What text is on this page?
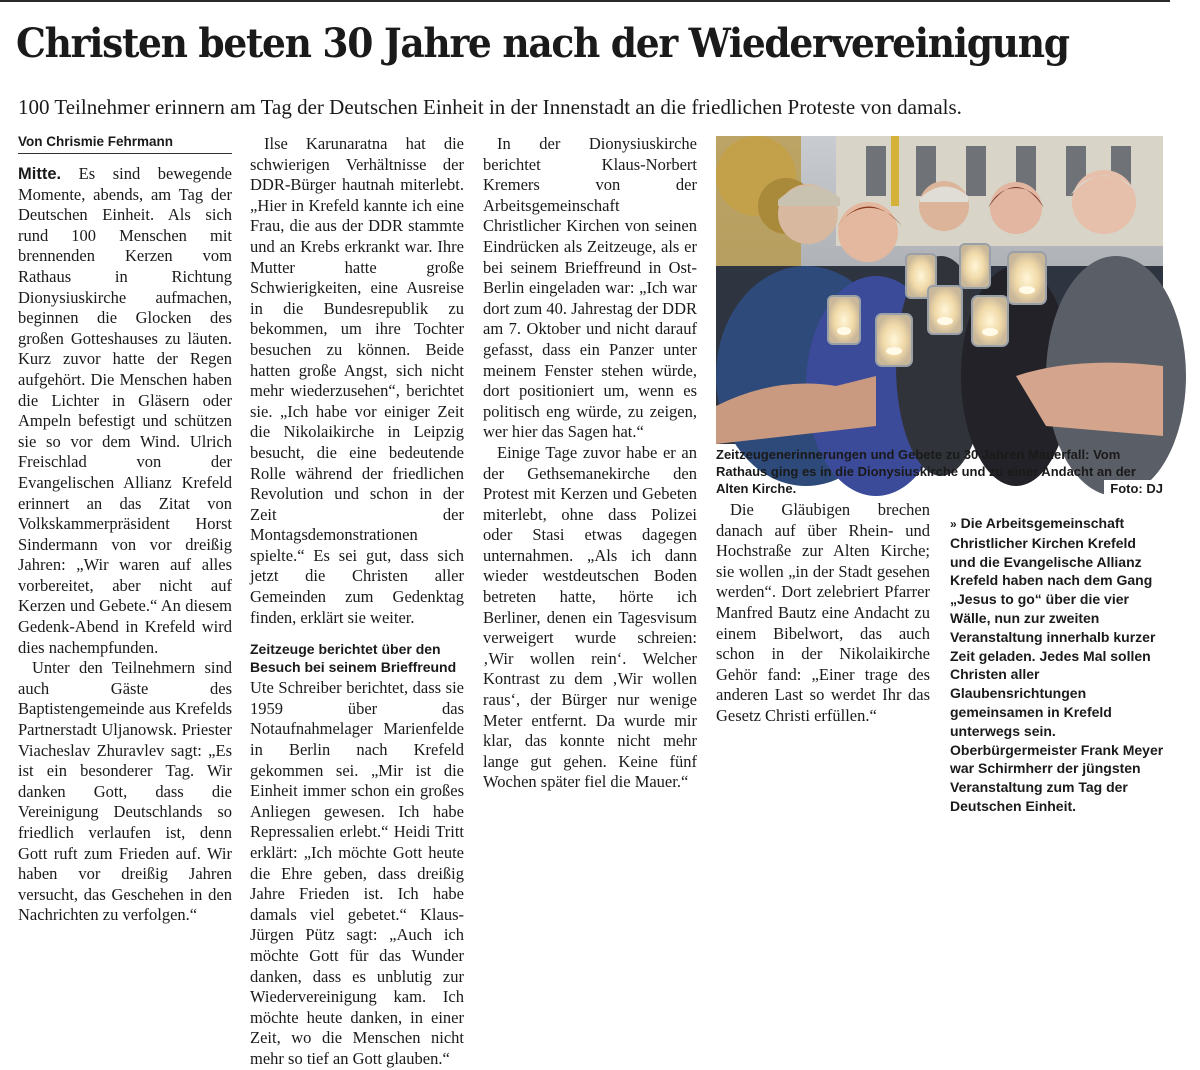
Christen beten 30 Jahre nach der Wiedervereinigung
100 Teilnehmer erinnern am Tag der Deutschen Einheit in der Innenstadt an die friedlichen Proteste von damals.
Von Chrismie Fehrmann

Mitte. Es sind bewegende Momente, abends, am Tag der Deutschen Einheit. Als sich rund 100 Menschen mit brennenden Kerzen vom Rathaus in Richtung Dionysiuskirche aufmachen, beginnen die Glocken des großen Gotteshauses zu läuten. Kurz zuvor hatte der Regen aufgehört. Die Menschen haben die Lichter in Gläsern oder Ampeln befestigt und schützen sie so vor dem Wind. Ulrich Freischlad von der Evangelischen Allianz Krefeld erinnert an das Zitat von Volkskammerpräsident Horst Sindermann von vor dreißig Jahren: „Wir waren auf alles vorbereitet, aber nicht auf Kerzen und Gebete.“ An diesem Gedenk-Abend in Krefeld wird dies nachempfunden.

Unter den Teilnehmern sind auch Gäste des Baptistengemeinde aus Krefelds Partnerstadt Uljanowsk. Priester Viacheslav Zhuravlev sagt: „Es ist ein besonderer Tag. Wir danken Gott, dass die Vereinigung Deutschlands so friedlich verlaufen ist, denn Gott ruft zum Frieden auf. Wir haben vor dreißig Jahren versucht, das Geschehen in den Nachrichten zu verfolgen.“

Ilse Karunaratna hat die schwierigen Verhältnisse der DDR-Bürger hautnah miterlebt. „Hier in Krefeld kannte ich eine Frau, die aus der DDR stammte und an Krebs erkrankt war. Ihre Mutter hatte große Schwierigkeiten, eine Ausreise in die Bundesrepublik zu bekommen, um ihre Tochter besuchen zu können. Beide hatten große Angst, sich nicht mehr wiederzusehen“, berichtet sie. „Ich habe vor einiger Zeit die Nikolaikirche in Leipzig besucht, die eine bedeutende Rolle während der friedlichen Revolution und schon in der Zeit der Montagsdemonstrationen spielte.“ Es sei gut, dass sich jetzt die Christen aller Gemeinden zum Gedenktag finden, erklärt sie weiter.

Zeitzeuge berichtet über den Besuch bei seinem Brieffreund

Ute Schreiber berichtet, dass sie 1959 über das Notaufnahmelager Marienfelde in Berlin nach Krefeld gekommen sei. „Mir ist die Einheit immer schon ein großes Anliegen gewesen. Ich habe Repressalien erlebt.“ Heidi Tritt erklärt: „Ich möchte Gott heute die Ehre geben, dass dreißig Jahre Frieden ist. Ich habe damals viel gebetet.“ Klaus-Jürgen Pütz sagt: „Auch ich möchte Gott für das Wunder danken, dass es unblutig zur Wiedervereinigung kam. Ich möchte heute danken, in einer Zeit, wo die Menschen nicht mehr so tief an Gott glauben.“

In der Dionysiuskirche berichtet Klaus-Norbert Kremers von der Arbeitsgemeinschaft Christlicher Kirchen von seinen Eindrücken als Zeitzeuge, als er bei seinem Brieffreund in Ost-Berlin eingeladen war: „Ich war dort zum 40. Jahrestag der DDR am 7. Oktober und nicht darauf gefasst, dass ein Panzer unter meinem Fenster stehen würde, dort positioniert um, wenn es politisch eng würde, zu zeigen, wer hier das Sagen hat.“

Einige Tage zuvor habe er an der Gethsemanekirche den Protest mit Kerzen und Gebeten miterlebt, ohne dass Polizei oder Stasi etwas dagegen unternahmen. „Als ich dann wieder westdeutschen Boden betreten hatte, hörte ich Berliner, denen ein Tagesvisum verweigert wurde schreien: ‚Wir wollen rein‘. Welcher Kontrast zu dem ‚Wir wollen raus‘, der Bürger nur wenige Meter entfernt. Da wurde mir klar, das konnte nicht mehr lange gut gehen. Keine fünf Wochen später fiel die Mauer.“

Zeitzeugenerinnerungen und Gebete zu 30 Jahren Mauerfall: Vom Rathaus ging es in die Dionysiuskirche und zu einer Andacht an der Alten Kirche.	Foto: DJ

Die Gläubigen brechen danach auf über Rhein- und Hochstraße zur Alten Kirche; sie wollen „in der Stadt gesehen werden“. Dort zelebriert Pfarrer Manfred Bautz eine Andacht zu einem Bibelwort, das auch schon in der Nikolaikirche Gehör fand: „Einer trage des anderen Last so werdet Ihr das Gesetz Christi erfüllen.“

» Die Arbeitsgemeinschaft Christlicher Kirchen Krefeld und die Evangelische Allianz Krefeld haben nach dem Gang „Jesus to go“ über die vier Wälle, nun zur zweiten Veranstaltung innerhalb kurzer Zeit geladen. Jedes Mal sollen Christen aller Glaubensrichtungen gemeinsamen in Krefeld unterwegs sein. Oberbürgermeister Frank Meyer war Schirmherr der jüngsten Veranstaltung zum Tag der Deutschen Einheit.
